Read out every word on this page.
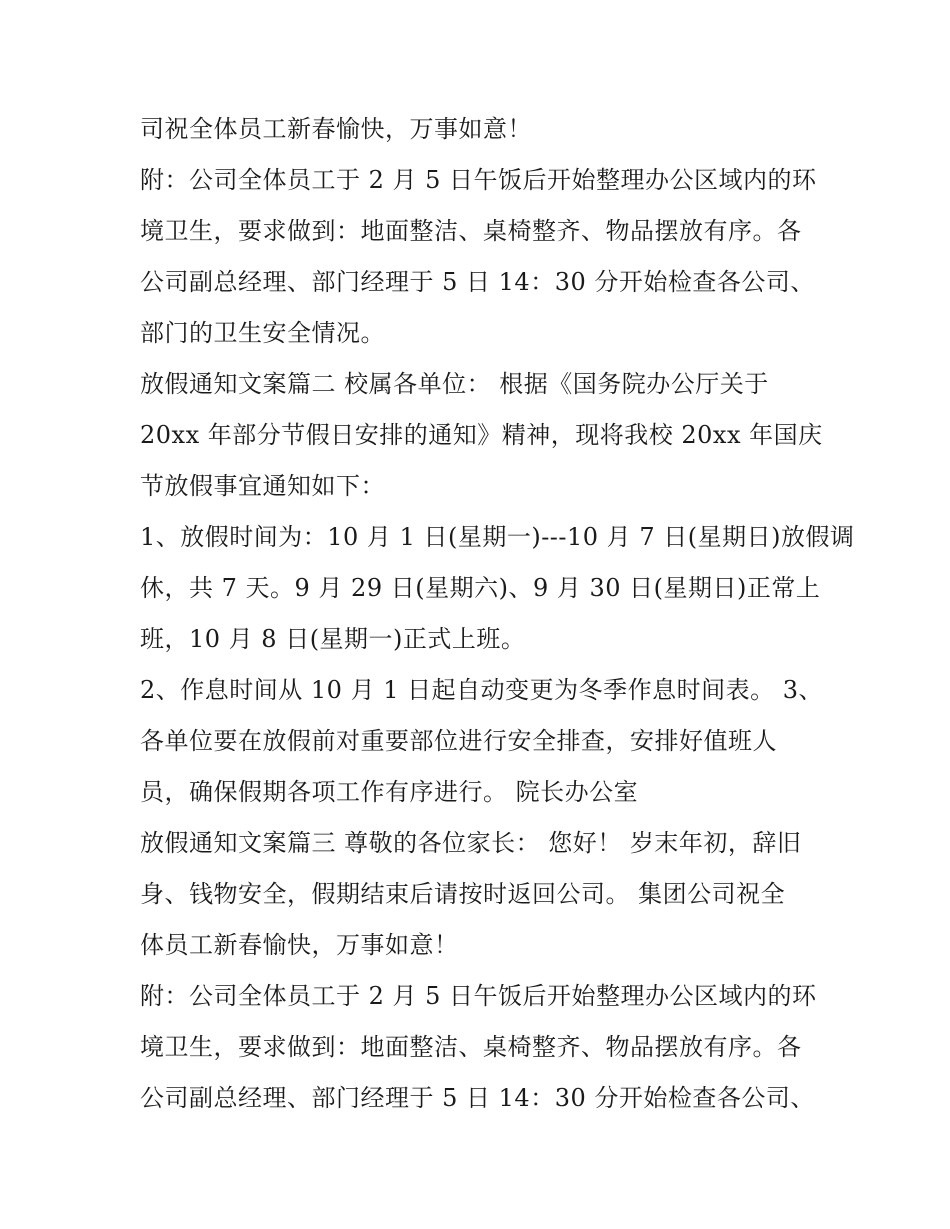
司祝全体员工新春愉快，万事如意！
附：公司全体员工于 2 月 5 日午饭后开始整理办公区域内的环
境卫生，要求做到：地面整洁、桌椅整齐、物品摆放有序。各
公司副总经理、部门经理于 5 日 14：30 分开始检查各公司、
部门的卫生安全情况。
放假通知文案篇二 校属各单位： 根据《国务院办公厅关于
20xx 年部分节假日安排的通知》精神，现将我校 20xx 年国庆
节放假事宜通知如下：
1、放假时间为：10 月 1 日(星期一)---10 月 7 日(星期日)放假调
休，共 7 天。9 月 29 日(星期六)、9 月 30 日(星期日)正常上
班，10 月 8 日(星期一)正式上班。
2、作息时间从 10 月 1 日起自动变更为冬季作息时间表。 3、
各单位要在放假前对重要部位进行安全排查，安排好值班人
员，确保假期各项工作有序进行。 院长办公室
放假通知文案篇三 尊敬的各位家长： 您好！ 岁末年初，辞旧
身、钱物安全，假期结束后请按时返回公司。 集团公司祝全
体员工新春愉快，万事如意！
附：公司全体员工于 2 月 5 日午饭后开始整理办公区域内的环
境卫生，要求做到：地面整洁、桌椅整齐、物品摆放有序。各
公司副总经理、部门经理于 5 日 14：30 分开始检查各公司、
